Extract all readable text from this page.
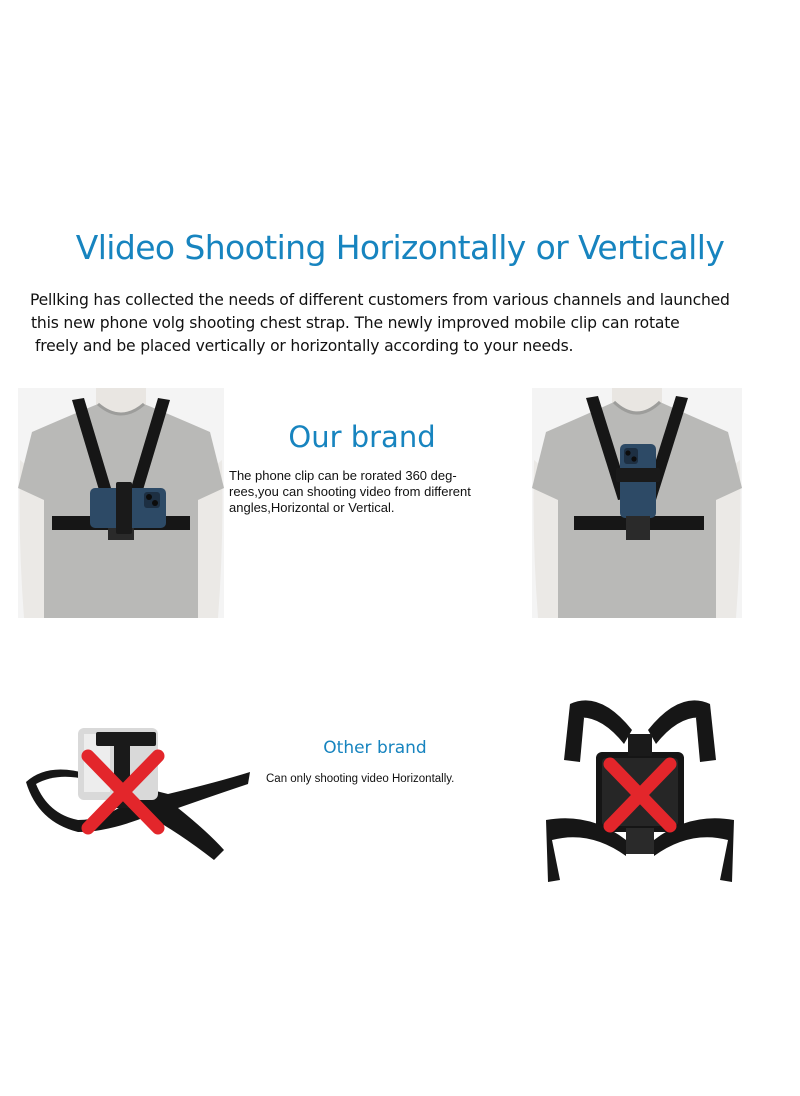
Vlideo Shooting Horizontally or Vertically

Pellking has collected the needs of different customers from various channels and launched
this new phone volg shooting chest strap. The newly improved mobile clip can rotate
freely and be placed vertically or horizontally according to your needs.

Our brand

The phone clip can be rorated 360 deg-
rees,you can shooting video from different
angles,Horizontal or Vertical.

Other brand

Can only shooting video Horizontally.
